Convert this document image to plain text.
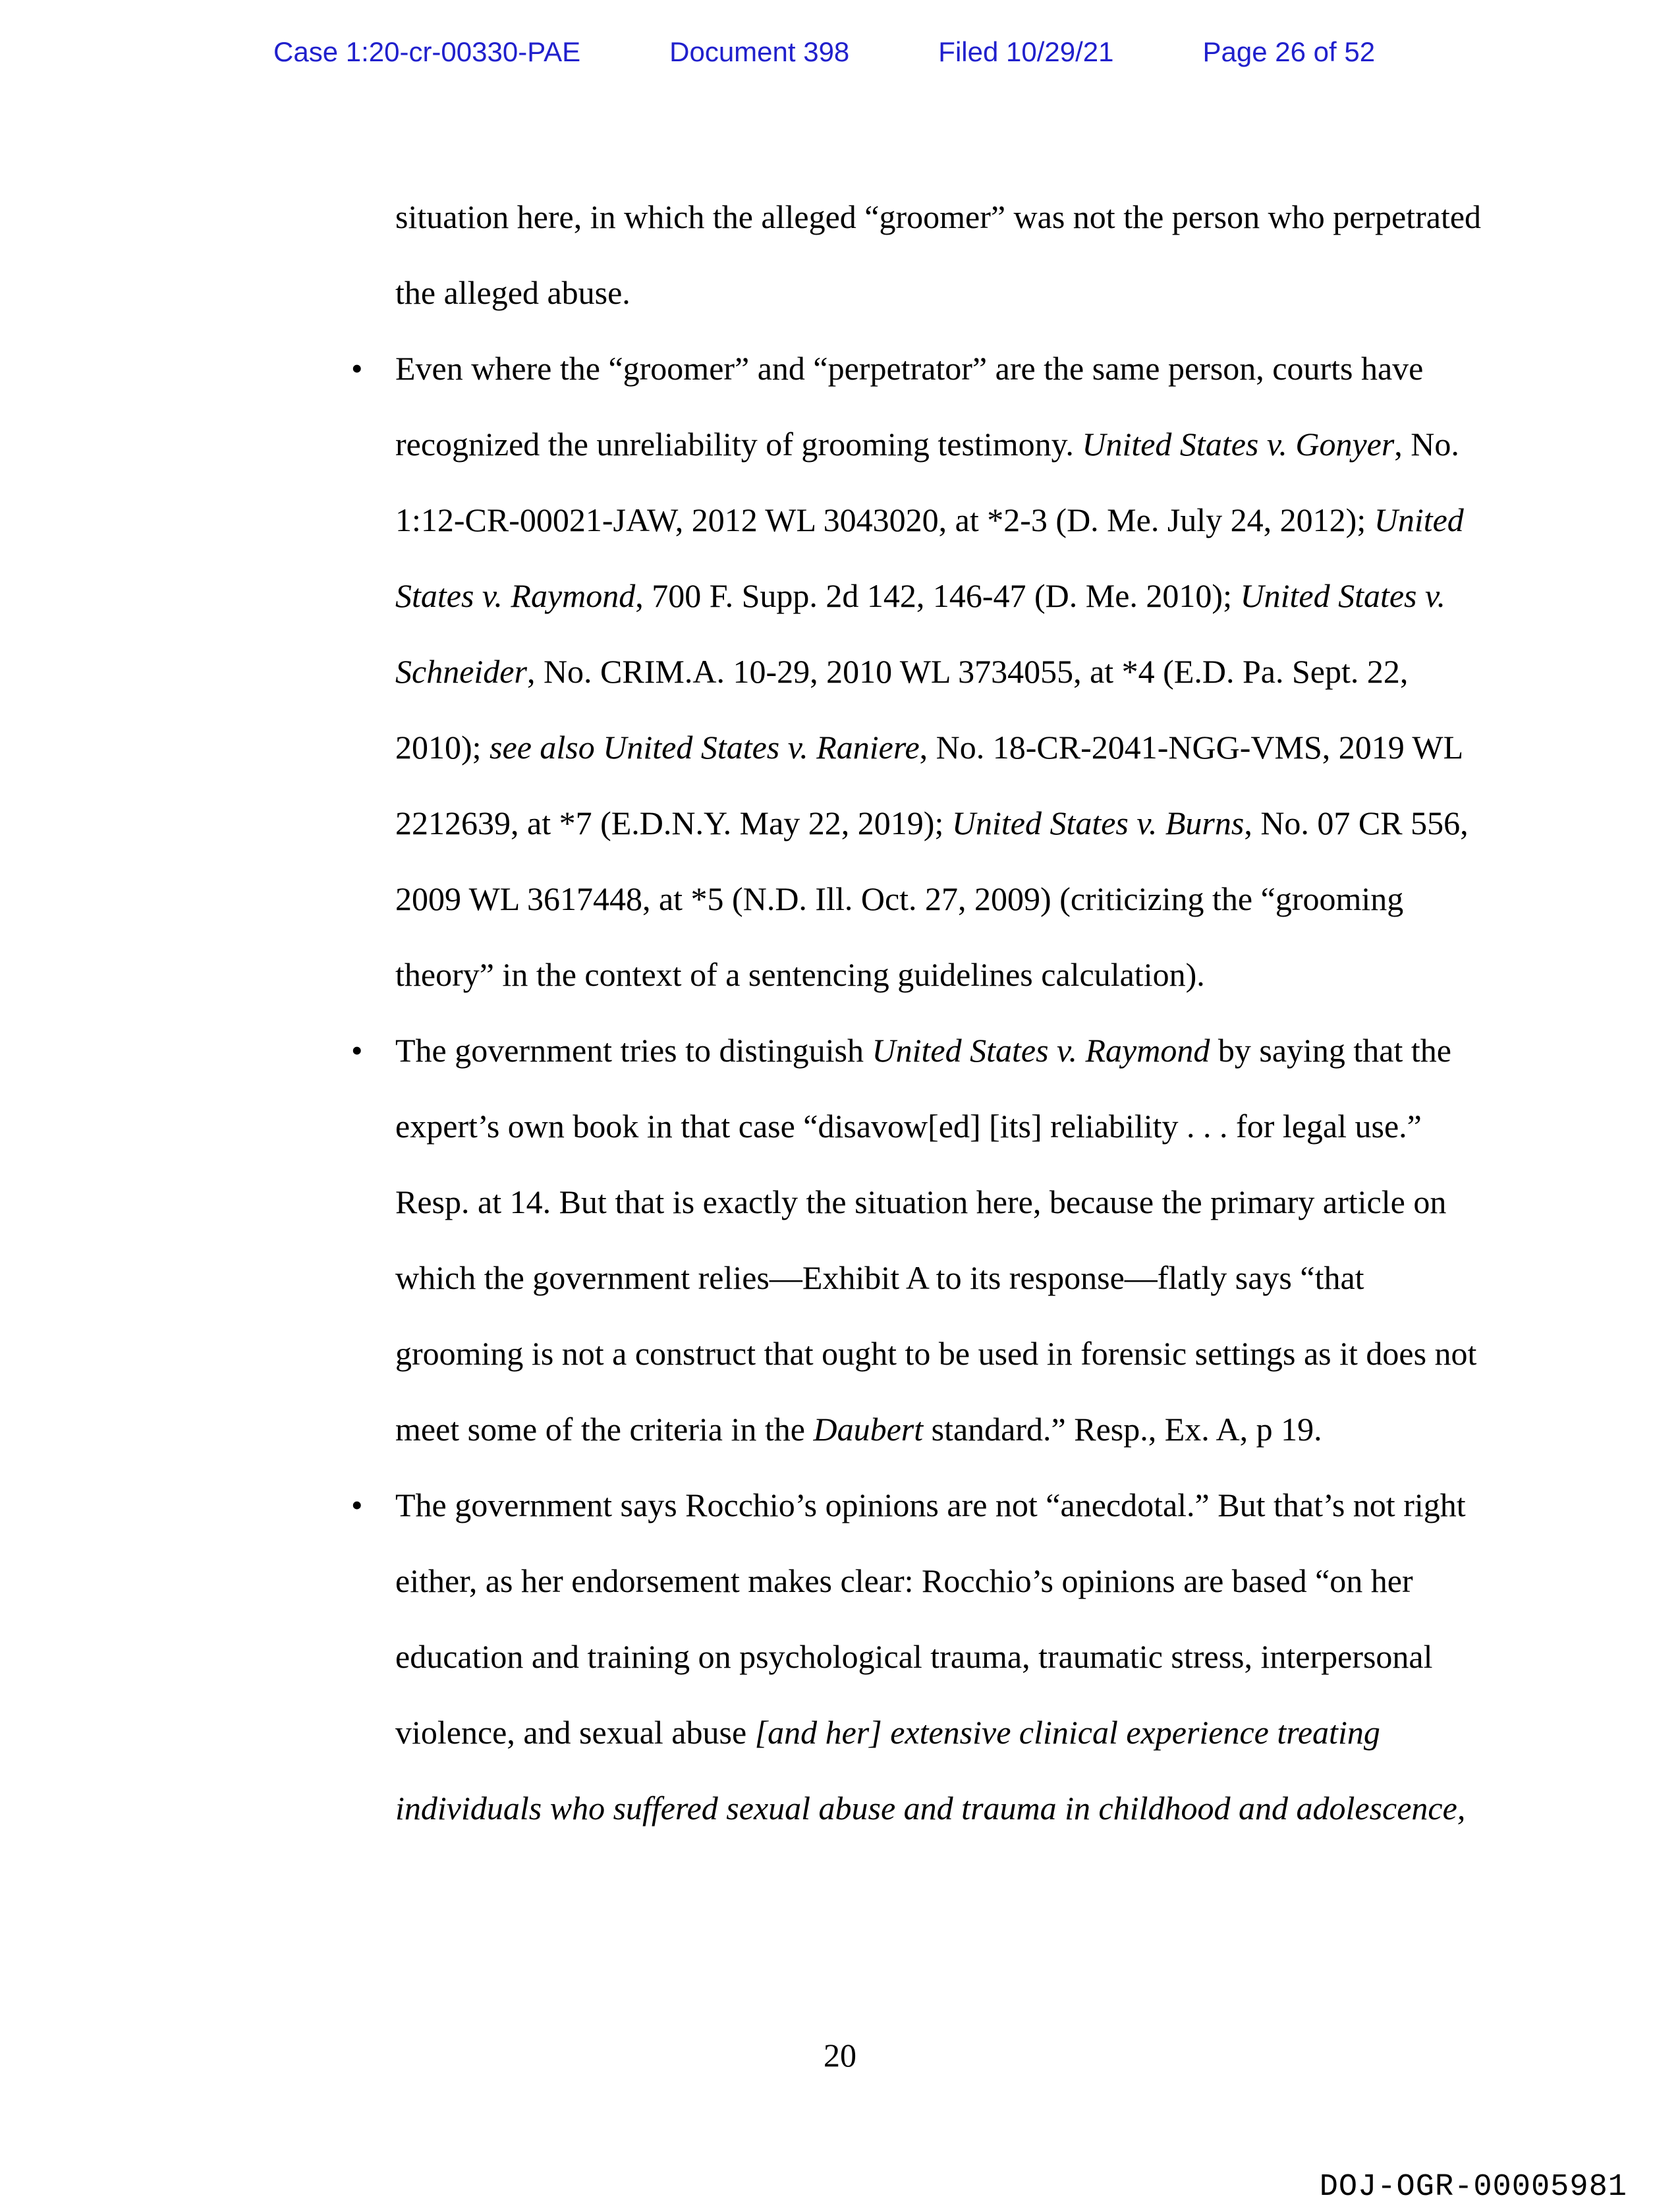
Case 1:20-cr-00330-PAE	Document 398	Filed 10/29/21	Page 26 of 52
situation here, in which the alleged “groomer” was not the person who perpetrated
the alleged abuse.
• Even where the “groomer” and “perpetrator” are the same person, courts have
recognized the unreliability of grooming testimony. United States v. Gonyer, No.
1:12-CR-00021-JAW, 2012 WL 3043020, at *2-3 (D. Me. July 24, 2012); United
States v. Raymond, 700 F. Supp. 2d 142, 146-47 (D. Me. 2010); United States v.
Schneider, No. CRIM.A. 10-29, 2010 WL 3734055, at *4 (E.D. Pa. Sept. 22,
2010); see also United States v. Raniere, No. 18-CR-2041-NGG-VMS, 2019 WL
2212639, at *7 (E.D.N.Y. May 22, 2019); United States v. Burns, No. 07 CR 556,
2009 WL 3617448, at *5 (N.D. Ill. Oct. 27, 2009) (criticizing the “grooming
theory” in the context of a sentencing guidelines calculation).
• The government tries to distinguish United States v. Raymond by saying that the
expert’s own book in that case “disavow[ed] [its] reliability . . . for legal use.”
Resp. at 14. But that is exactly the situation here, because the primary article on
which the government relies—Exhibit A to its response—flatly says “that
grooming is not a construct that ought to be used in forensic settings as it does not
meet some of the criteria in the Daubert standard.” Resp., Ex. A, p 19.
• The government says Rocchio’s opinions are not “anecdotal.” But that’s not right
either, as her endorsement makes clear: Rocchio’s opinions are based “on her
education and training on psychological trauma, traumatic stress, interpersonal
violence, and sexual abuse [and her] extensive clinical experience treating
individuals who suffered sexual abuse and trauma in childhood and adolescence,
20
DOJ-OGR-00005981
